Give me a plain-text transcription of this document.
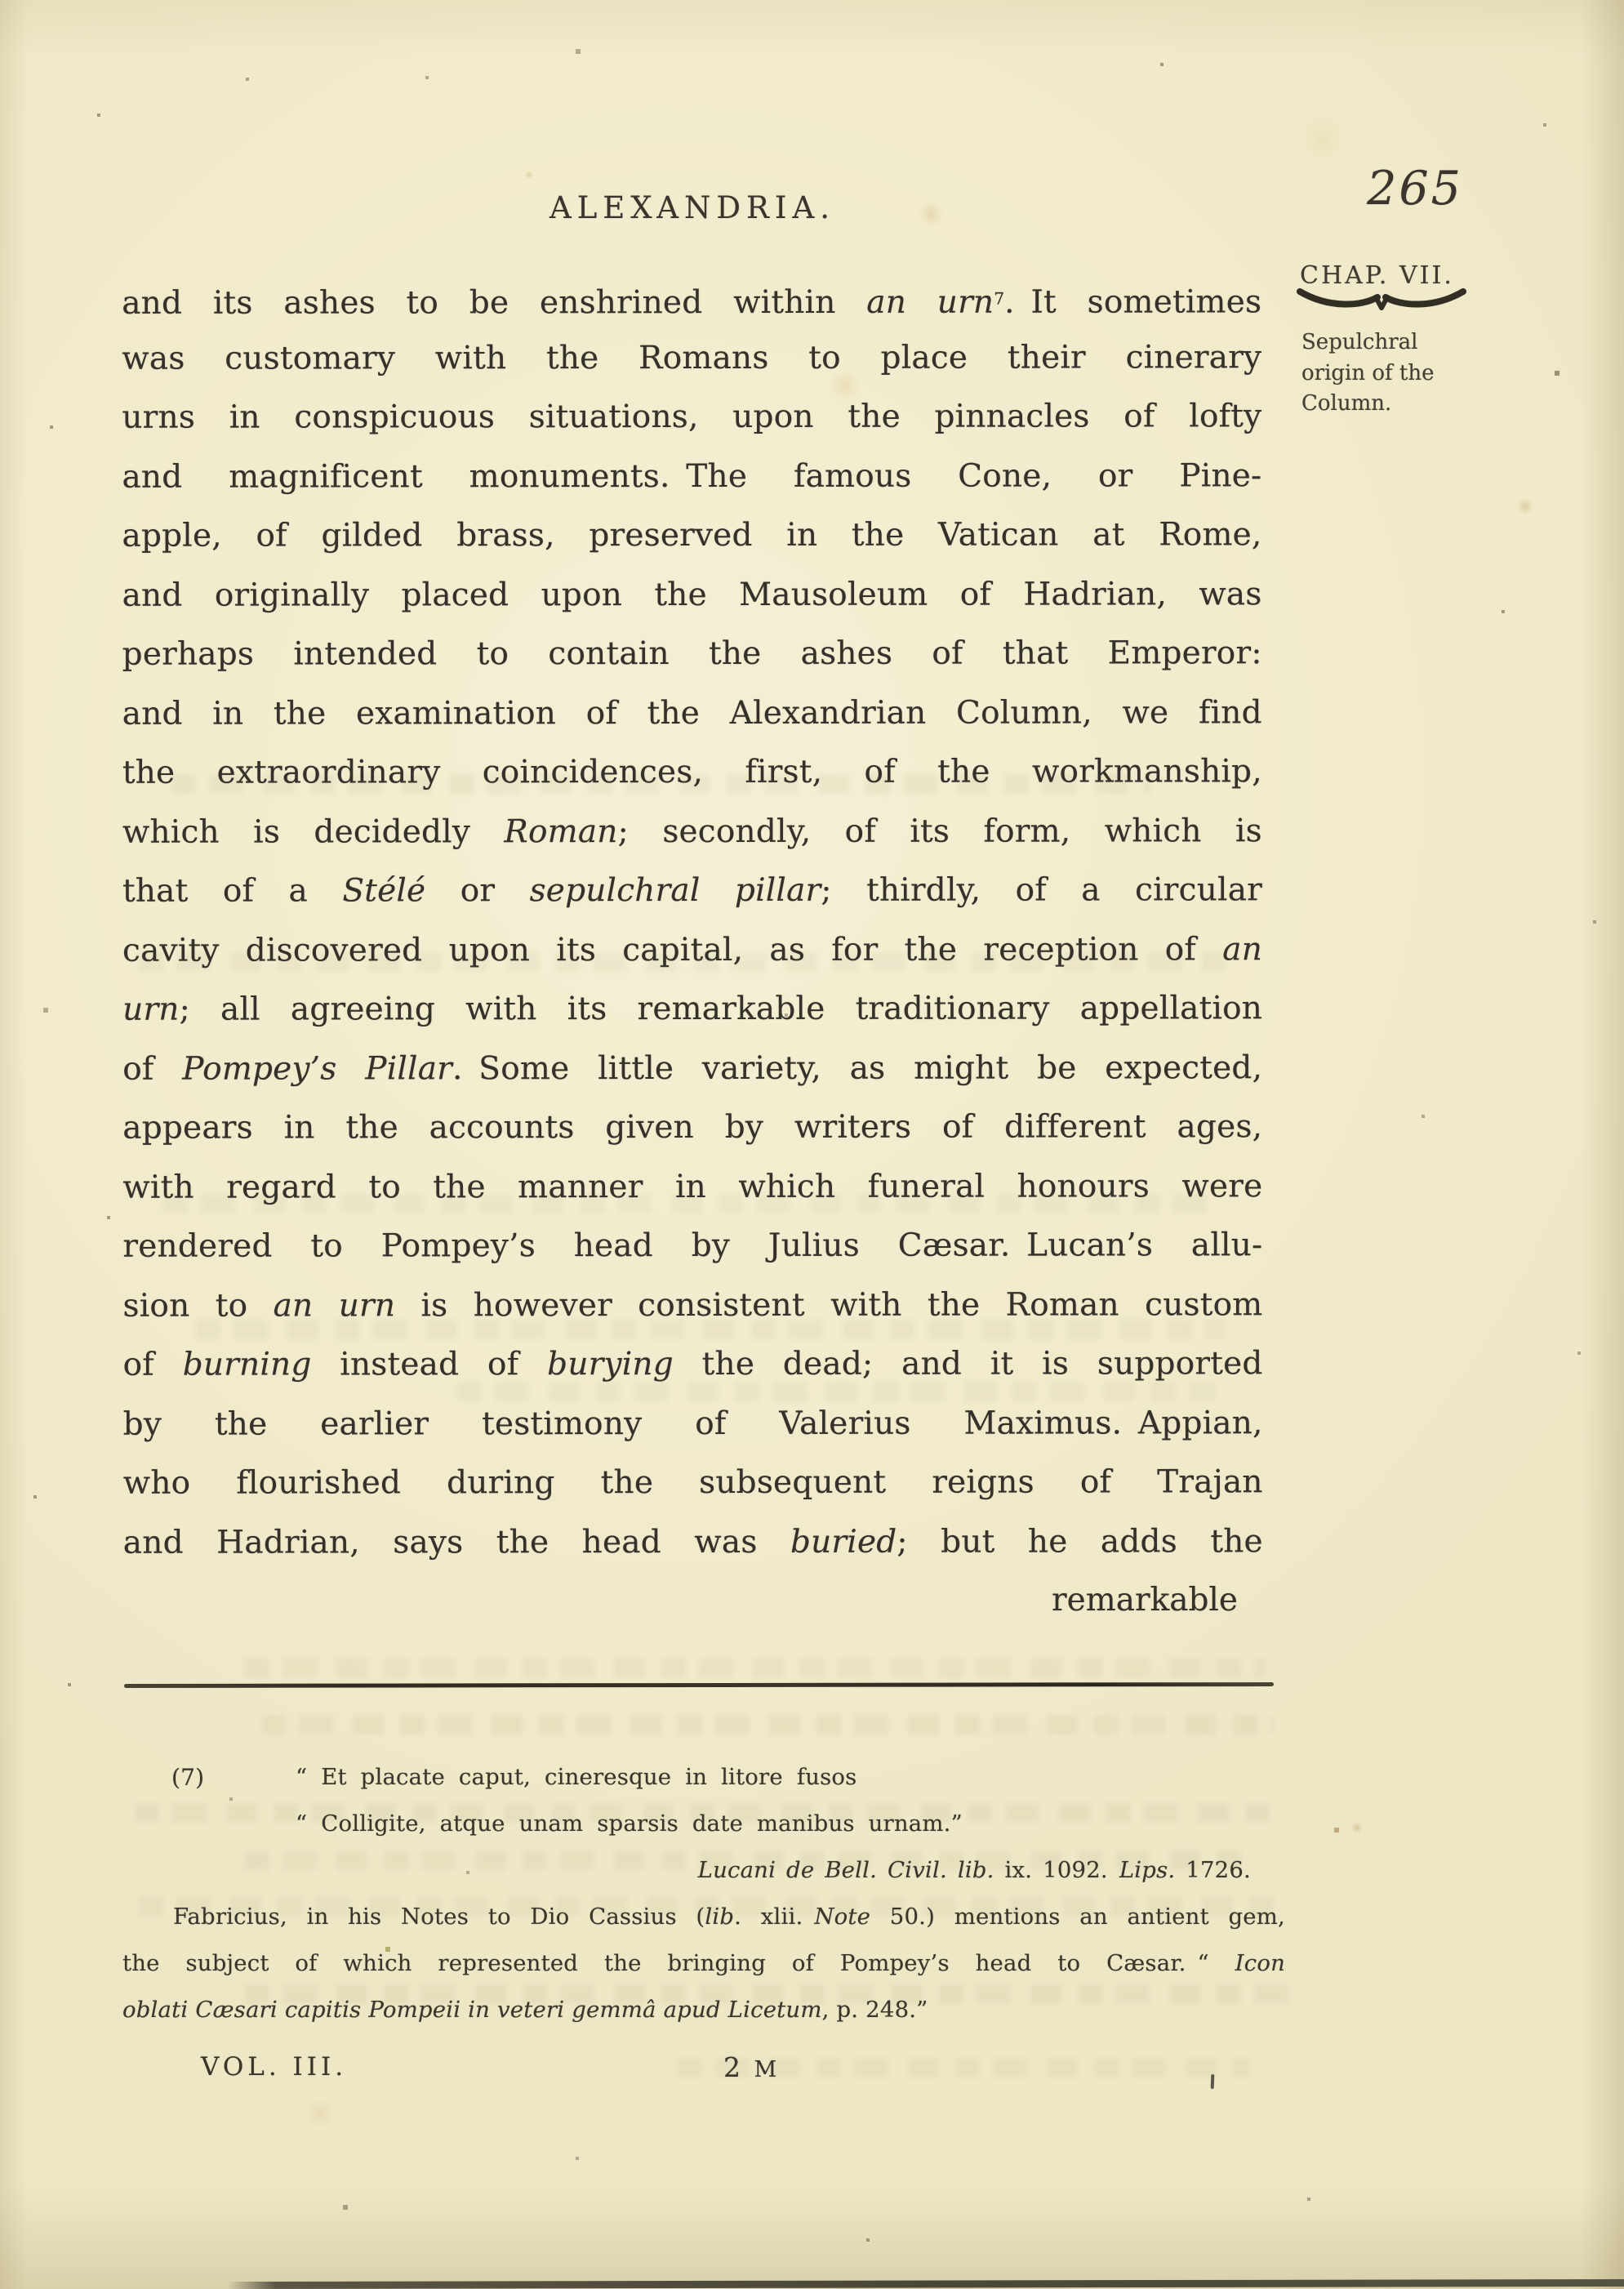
ALEXANDRIA.	265
CHAP. VII.
Sepulchral
origin of the
Column.
and its ashes to be enshrined within an urn$^7$. It sometimes
was customary with the Romans to place their cinerary
urns in conspicuous situations, upon the pinnacles of lofty
and magnificent monuments. The famous Cone, or Pine-
apple, of gilded brass, preserved in the Vatican at Rome,
and originally placed upon the Mausoleum of Hadrian, was
perhaps intended to contain the ashes of that Emperor:
and in the examination of the Alexandrian Column, we find
the extraordinary coincidences, first, of the workmanship,
which is decidedly Roman; secondly, of its form, which is
that of a Stélé or sepulchral pillar; thirdly, of a circular
cavity discovered upon its capital, as for the reception of an
urn; all agreeing with its remarkable traditionary appellation
of Pompey’s Pillar. Some little variety, as might be expected,
appears in the accounts given by writers of different ages,
with regard to the manner in which funeral honours were
rendered to Pompey’s head by Julius Cæsar. Lucan’s allu-
sion to an urn is however consistent with the Roman custom
of burning instead of burying the dead; and it is supported
by the earlier testimony of Valerius Maximus. Appian,
who flourished during the subsequent reigns of Trajan
and Hadrian, says the head was buried; but he adds the
remarkable
(7)	“ Et placate caput, cineresque in litore fusos
“ Colligite, atque unam sparsis date manibus urnam.”
Lucani de Bell. Civil. lib. ix. 1092. Lips. 1726.
Fabricius, in his Notes to Dio Cassius (lib. xlii. Note 50.) mentions an antient gem,
the subject of which represented the bringing of Pompey’s head to Cæsar. “ Icon
oblati Cæsari capitis Pompeii in veteri gemmâ apud Licetum, p. 248.”
VOL. III.	2 M
